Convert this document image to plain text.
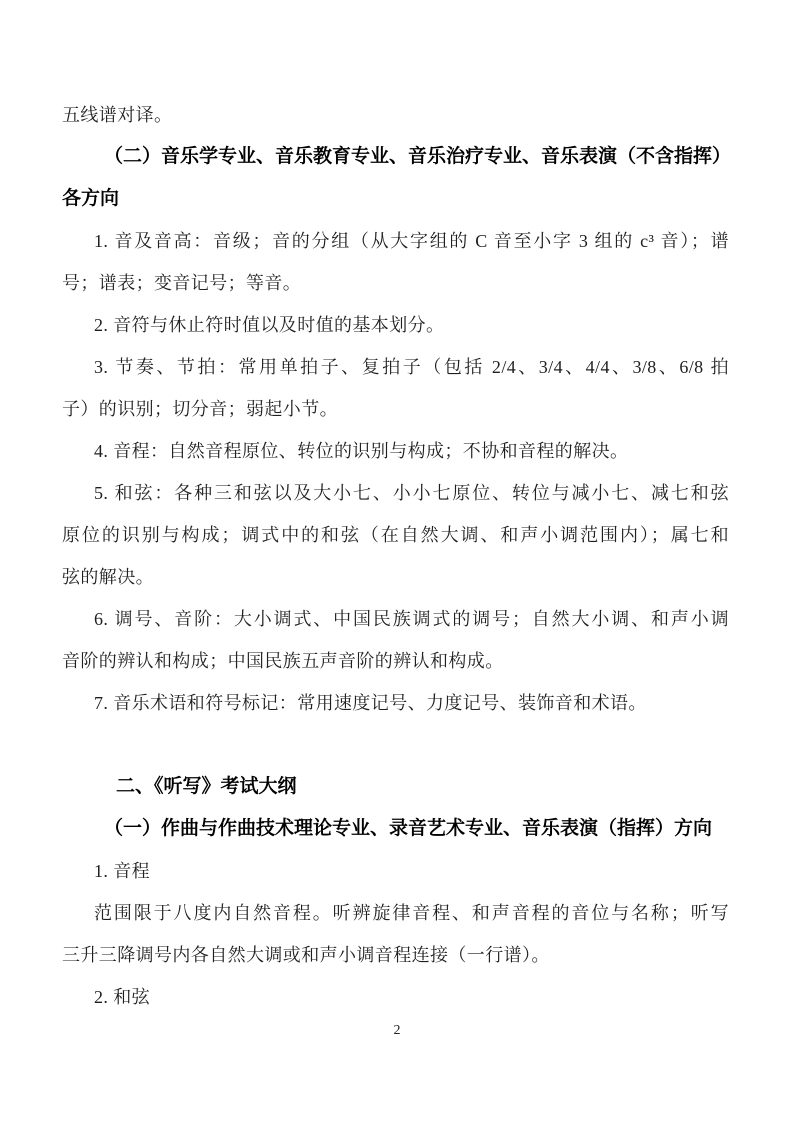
五线谱对译。

（二）音乐学专业、音乐教育专业、音乐治疗专业、音乐表演（不含指挥）

各方向

1. 音及音高：音级；音的分组（从大字组的 C 音至小字 3 组的 c³ 音）；谱

号；谱表；变音记号；等音。

2. 音符与休止符时值以及时值的基本划分。

3. 节奏、节拍：常用单拍子、复拍子（包括 2/4、3/4、4/4、3/8、6/8 拍

子）的识别；切分音；弱起小节。

4. 音程：自然音程原位、转位的识别与构成；不协和音程的解决。

5. 和弦：各种三和弦以及大小七、小小七原位、转位与减小七、减七和弦

原位的识别与构成；调式中的和弦（在自然大调、和声小调范围内）；属七和

弦的解决。

6. 调号、音阶：大小调式、中国民族调式的调号；自然大小调、和声小调

音阶的辨认和构成；中国民族五声音阶的辨认和构成。

7. 音乐术语和符号标记：常用速度记号、力度记号、装饰音和术语。

二、《听写》考试大纲

（一）作曲与作曲技术理论专业、录音艺术专业、音乐表演（指挥）方向

1. 音程

范围限于八度内自然音程。听辨旋律音程、和声音程的音位与名称；听写

三升三降调号内各自然大调或和声小调音程连接（一行谱）。

2. 和弦

2
